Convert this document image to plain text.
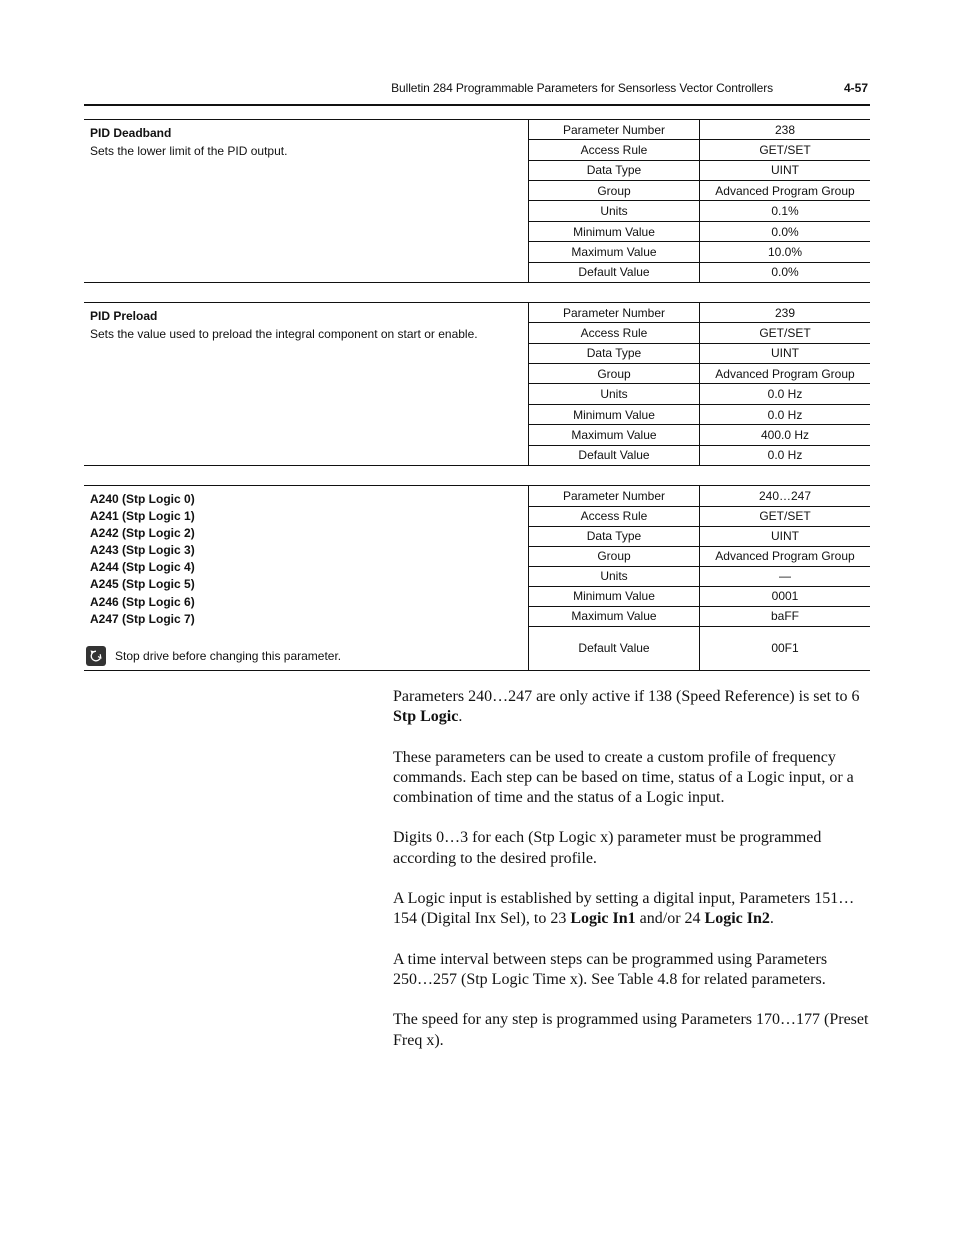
Bulletin 284 Programmable Parameters for Sensorless Vector Controllers	4-57
PID Deadband
Sets the lower limit of the PID output.
Parameter Number	238
Access Rule	GET/SET
Data Type	UINT
Group	Advanced Program Group
Units	0.1%
Minimum Value	0.0%
Maximum Value	10.0%
Default Value	0.0%
PID Preload
Sets the value used to preload the integral component on start or enable.
Parameter Number	239
Access Rule	GET/SET
Data Type	UINT
Group	Advanced Program Group
Units	0.0 Hz
Minimum Value	0.0 Hz
Maximum Value	400.0 Hz
Default Value	0.0 Hz
A240 (Stp Logic 0)
A241 (Stp Logic 1)
A242 (Stp Logic 2)
A243 (Stp Logic 3)
A244 (Stp Logic 4)
A245 (Stp Logic 5)
A246 (Stp Logic 6)
A247 (Stp Logic 7)
Stop drive before changing this parameter.
Parameter Number	240…247
Access Rule	GET/SET
Data Type	UINT
Group	Advanced Program Group
Units	—
Minimum Value	0001
Maximum Value	baFF
Default Value	00F1

Parameters 240…247 are only active if 138 (Speed Reference) is set to 6 Stp Logic.

These parameters can be used to create a custom profile of frequency commands. Each step can be based on time, status of a Logic input, or a combination of time and the status of a Logic input.

Digits 0…3 for each (Stp Logic x) parameter must be programmed according to the desired profile.

A Logic input is established by setting a digital input, Parameters 151…154 (Digital Inx Sel), to 23 Logic In1 and/or 24 Logic In2.

A time interval between steps can be programmed using Parameters 250…257 (Stp Logic Time x). See Table 4.8 for related parameters.

The speed for any step is programmed using Parameters 170…177 (Preset Freq x).
